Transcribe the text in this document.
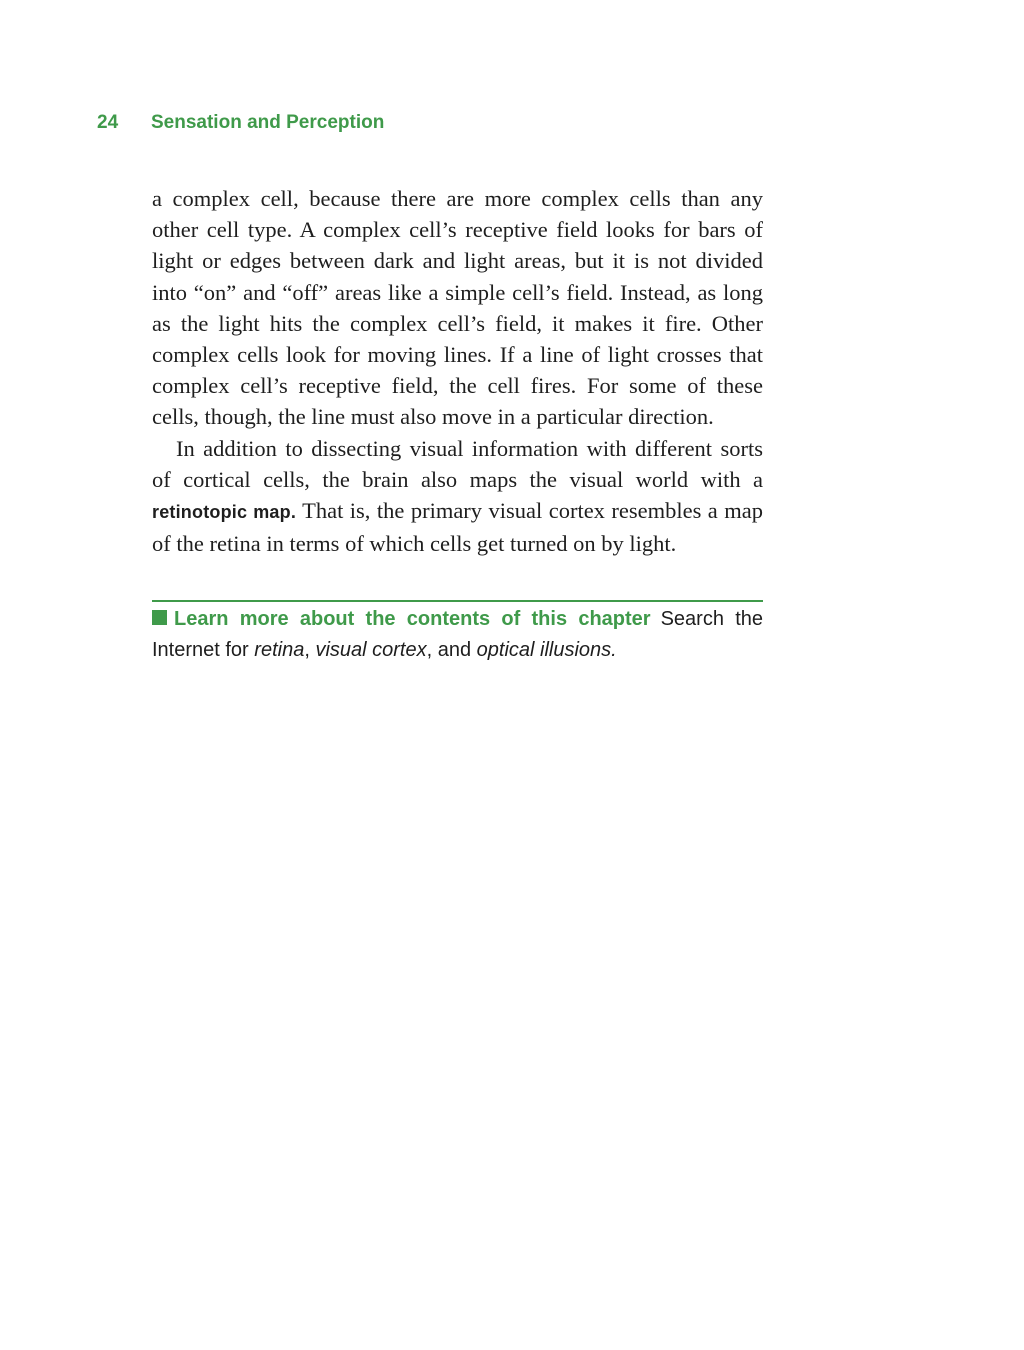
24 Sensation and Perception

a complex cell, because there are more complex cells than any other cell type. A complex cell’s receptive field looks for bars of light or edges between dark and light areas, but it is not divided into “on” and “off” areas like a simple cell’s field. Instead, as long as the light hits the complex cell’s field, it makes it fire. Other complex cells look for moving lines. If a line of light crosses that complex cell’s receptive field, the cell fires. For some of these cells, though, the line must also move in a particular direction.

In addition to dissecting visual information with different sorts of cortical cells, the brain also maps the visual world with a retinotopic map. That is, the primary visual cortex resembles a map of the retina in terms of which cells get turned on by light.

Learn more about the contents of this chapter Search the Internet for retina, visual cortex, and optical illusions.
